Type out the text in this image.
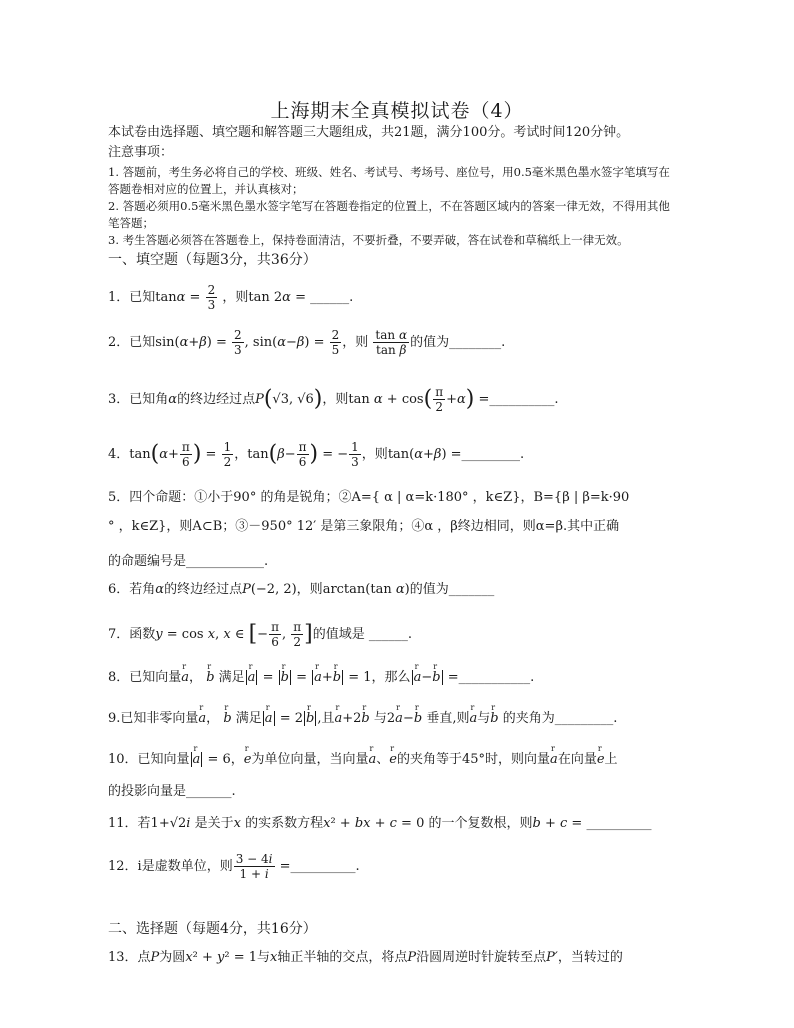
上海期末全真模拟试卷（4）
本试卷由选择题、填空题和解答题三大题组成，共21题，满分100分。考试时间120分钟。
注意事项：
1. 答题前，考生务必将自己的学校、班级、姓名、考试号、考场号、座位号，用0.5毫米黑色墨水签字笔填写在
答题卷相对应的位置上，并认真核对；
2. 答题必须用0.5毫米黑色墨水签字笔写在答题卷指定的位置上，不在答题区域内的答案一律无效，不得用其他
笔答题；
3. 考生答题必须答在答题卷上，保持卷面清洁，不要折叠，不要弄破，答在试卷和草稿纸上一律无效。
一、填空题（每题3分，共36分）
1．已知$\tan\alpha = \frac{2}{3}$ ，则tan 2α = ______.
2．已知$\sin(\alpha+\beta) = \frac{2}{3}$ , $\sin(\alpha-\beta) = \frac{2}{5}$ ，则 $\frac{\text{tan α}}{\text{tan β}}$ 的值为________.
3．已知角α的终边经过点P(√3, √6)，则$\tan \alpha + \cos( \frac{\pi}{2} +\alpha)$ =__________.
4．$\tan(\alpha+ \frac{\pi}{6}$ ) = $\frac{1}{2}$ ，$\tan(\beta- \frac{\pi}{6}$ ) = − $\frac{1}{3}$ ，则tan(α+β) =_________.
5．四个命题：①小于90° 的角是锐角；②A={ α | α=k·180° ，k∈Z}，B={β | β=k·90
° ，k∈Z}，则A⊂B；③－950° 12′ 是第三象限角；④α ，β终边相同，则α=β.其中正确
的命题编号是____________.
6．若角α的终边经过点P(−2, 2)，则arctan(tan α)的值为_______
7．函数y = cos x, x ∈ [− $\frac{\pi}{6}$ , $\frac{\pi}{2}$ ]的值域是 ______.
8．已知向量r a， r b 满足 r a = r b = r a+r b = 1，那么 r a−r b =___________.
9.已知非零向量r a， r b 满足 r a = 2 r b ,且r a+2r b 与2r a−r b 垂直,则r a与r b 的夹角为_________.
10．已知向量 r a = 6，r e为单位向量，当向量r a、r e的夹角等于45°时，则向量r a在向量r e上
的投影向量是_______.
11．若1+√2i 是关于x 的实系数方程x² + bx + c = 0 的一个复数根，则b + c = __________
12．i是虚数单位，则 $\frac{3 - 4i}{1 + i}$ =__________.
二、选择题（每题4分，共16分）
13．点P为圆x² + y² = 1与x轴正半轴的交点，将点P沿圆周逆时针旋转至点P′，当转过的
